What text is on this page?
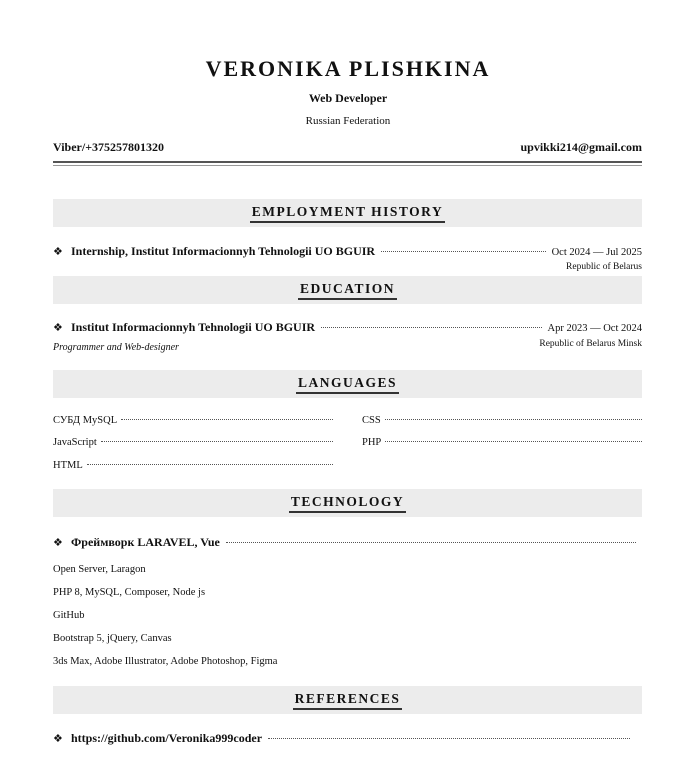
VERONIKA PLISHKINA
Web Developer
Russian Federation
Viber/+375257801320	upvikki214@gmail.com
EMPLOYMENT HISTORY
❖ Internship, Institut Informacionnyh Tehnologii UO BGUIR	Oct 2024 — Jul 2025
Republic of Belarus
EDUCATION
❖ Institut Informacionnyh Tehnologii UO BGUIR	Apr 2023 — Oct 2024
Republic of Belarus Minsk
Programmer and Web-designer
LANGUAGES
СУБД MySQL	CSS
JavaScript	PHP
HTML
TECHNOLOGY
❖ Фреймворк LARAVEL, Vue
Open Server, Laragon
PHP 8, MySQL, Composer, Node js
GitHub
Bootstrap 5, jQuery, Canvas
3ds Max, Adobe Illustrator, Adobe Photoshop, Figma
REFERENCES
❖ https://github.com/Veronika999coder
